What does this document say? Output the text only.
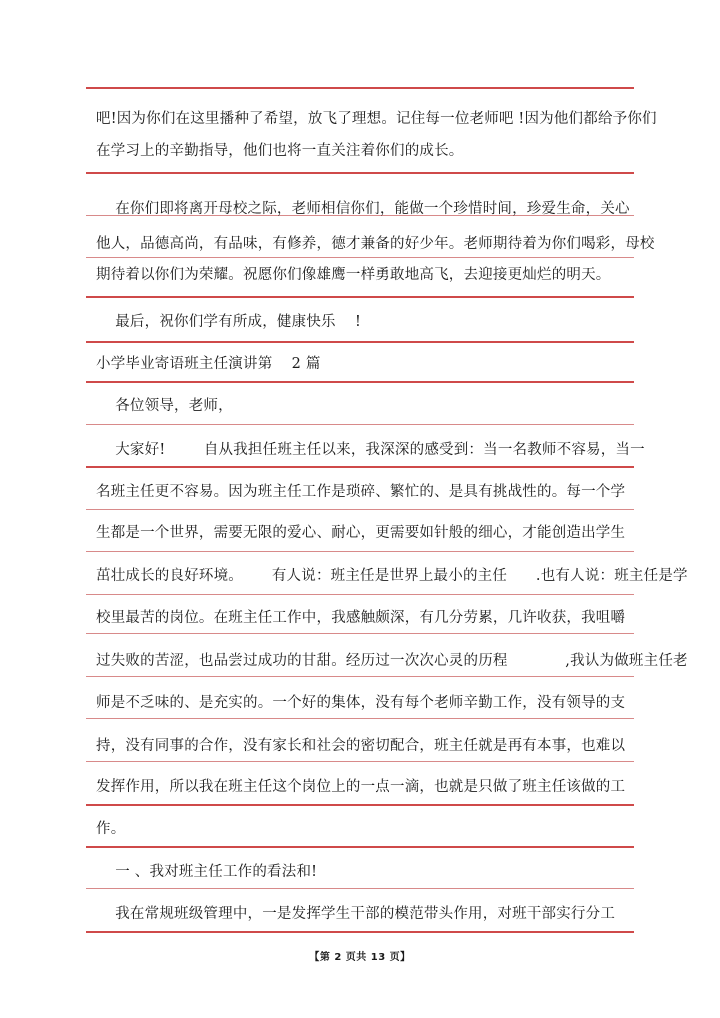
吧!因为你们在这里播种了希望，放飞了理想。记住每一位老师吧 !因为他们都给予你们
在学习上的辛勤指导，他们也将一直关注着你们的成长。
在你们即将离开母校之际，老师相信你们，能做一个珍惜时间，珍爱生命，关心
他人，品德高尚，有品味，有修养，德才兼备的好少年。老师期待着为你们喝彩，母校
期待着以你们为荣耀。祝愿你们像雄鹰一样勇敢地高飞，去迎接更灿烂的明天。
最后，祝你们学有所成，健康快乐    !
小学毕业寄语班主任演讲第    2 篇
各位领导，老师，
大家好!        自从我担任班主任以来，我深深的感受到：当一名教师不容易，当一
名班主任更不容易。因为班主任工作是琐碎、繁忙的、是具有挑战性的。每一个学
生都是一个世界，需要无限的爱心、耐心，更需要如针般的细心，才能创造出学生
茁壮成长的良好环境。      有人说：班主任是世界上最小的主任      .也有人说：班主任是学
校里最苦的岗位。在班主任工作中，我感触颇深，有几分劳累，几许收获，我咀嚼
过失败的苦涩，也品尝过成功的甘甜。经历过一次次心灵的历程            ,我认为做班主任老
师是不乏味的、是充实的。一个好的集体，没有每个老师辛勤工作，没有领导的支
持，没有同事的合作，没有家长和社会的密切配合，班主任就是再有本事，也难以
发挥作用，所以我在班主任这个岗位上的一点一滴，也就是只做了班主任该做的工
作。
一 、我对班主任工作的看法和!
我在常规班级管理中，一是发挥学生干部的模范带头作用，对班干部实行分工
【第 2 页共 13 页】
